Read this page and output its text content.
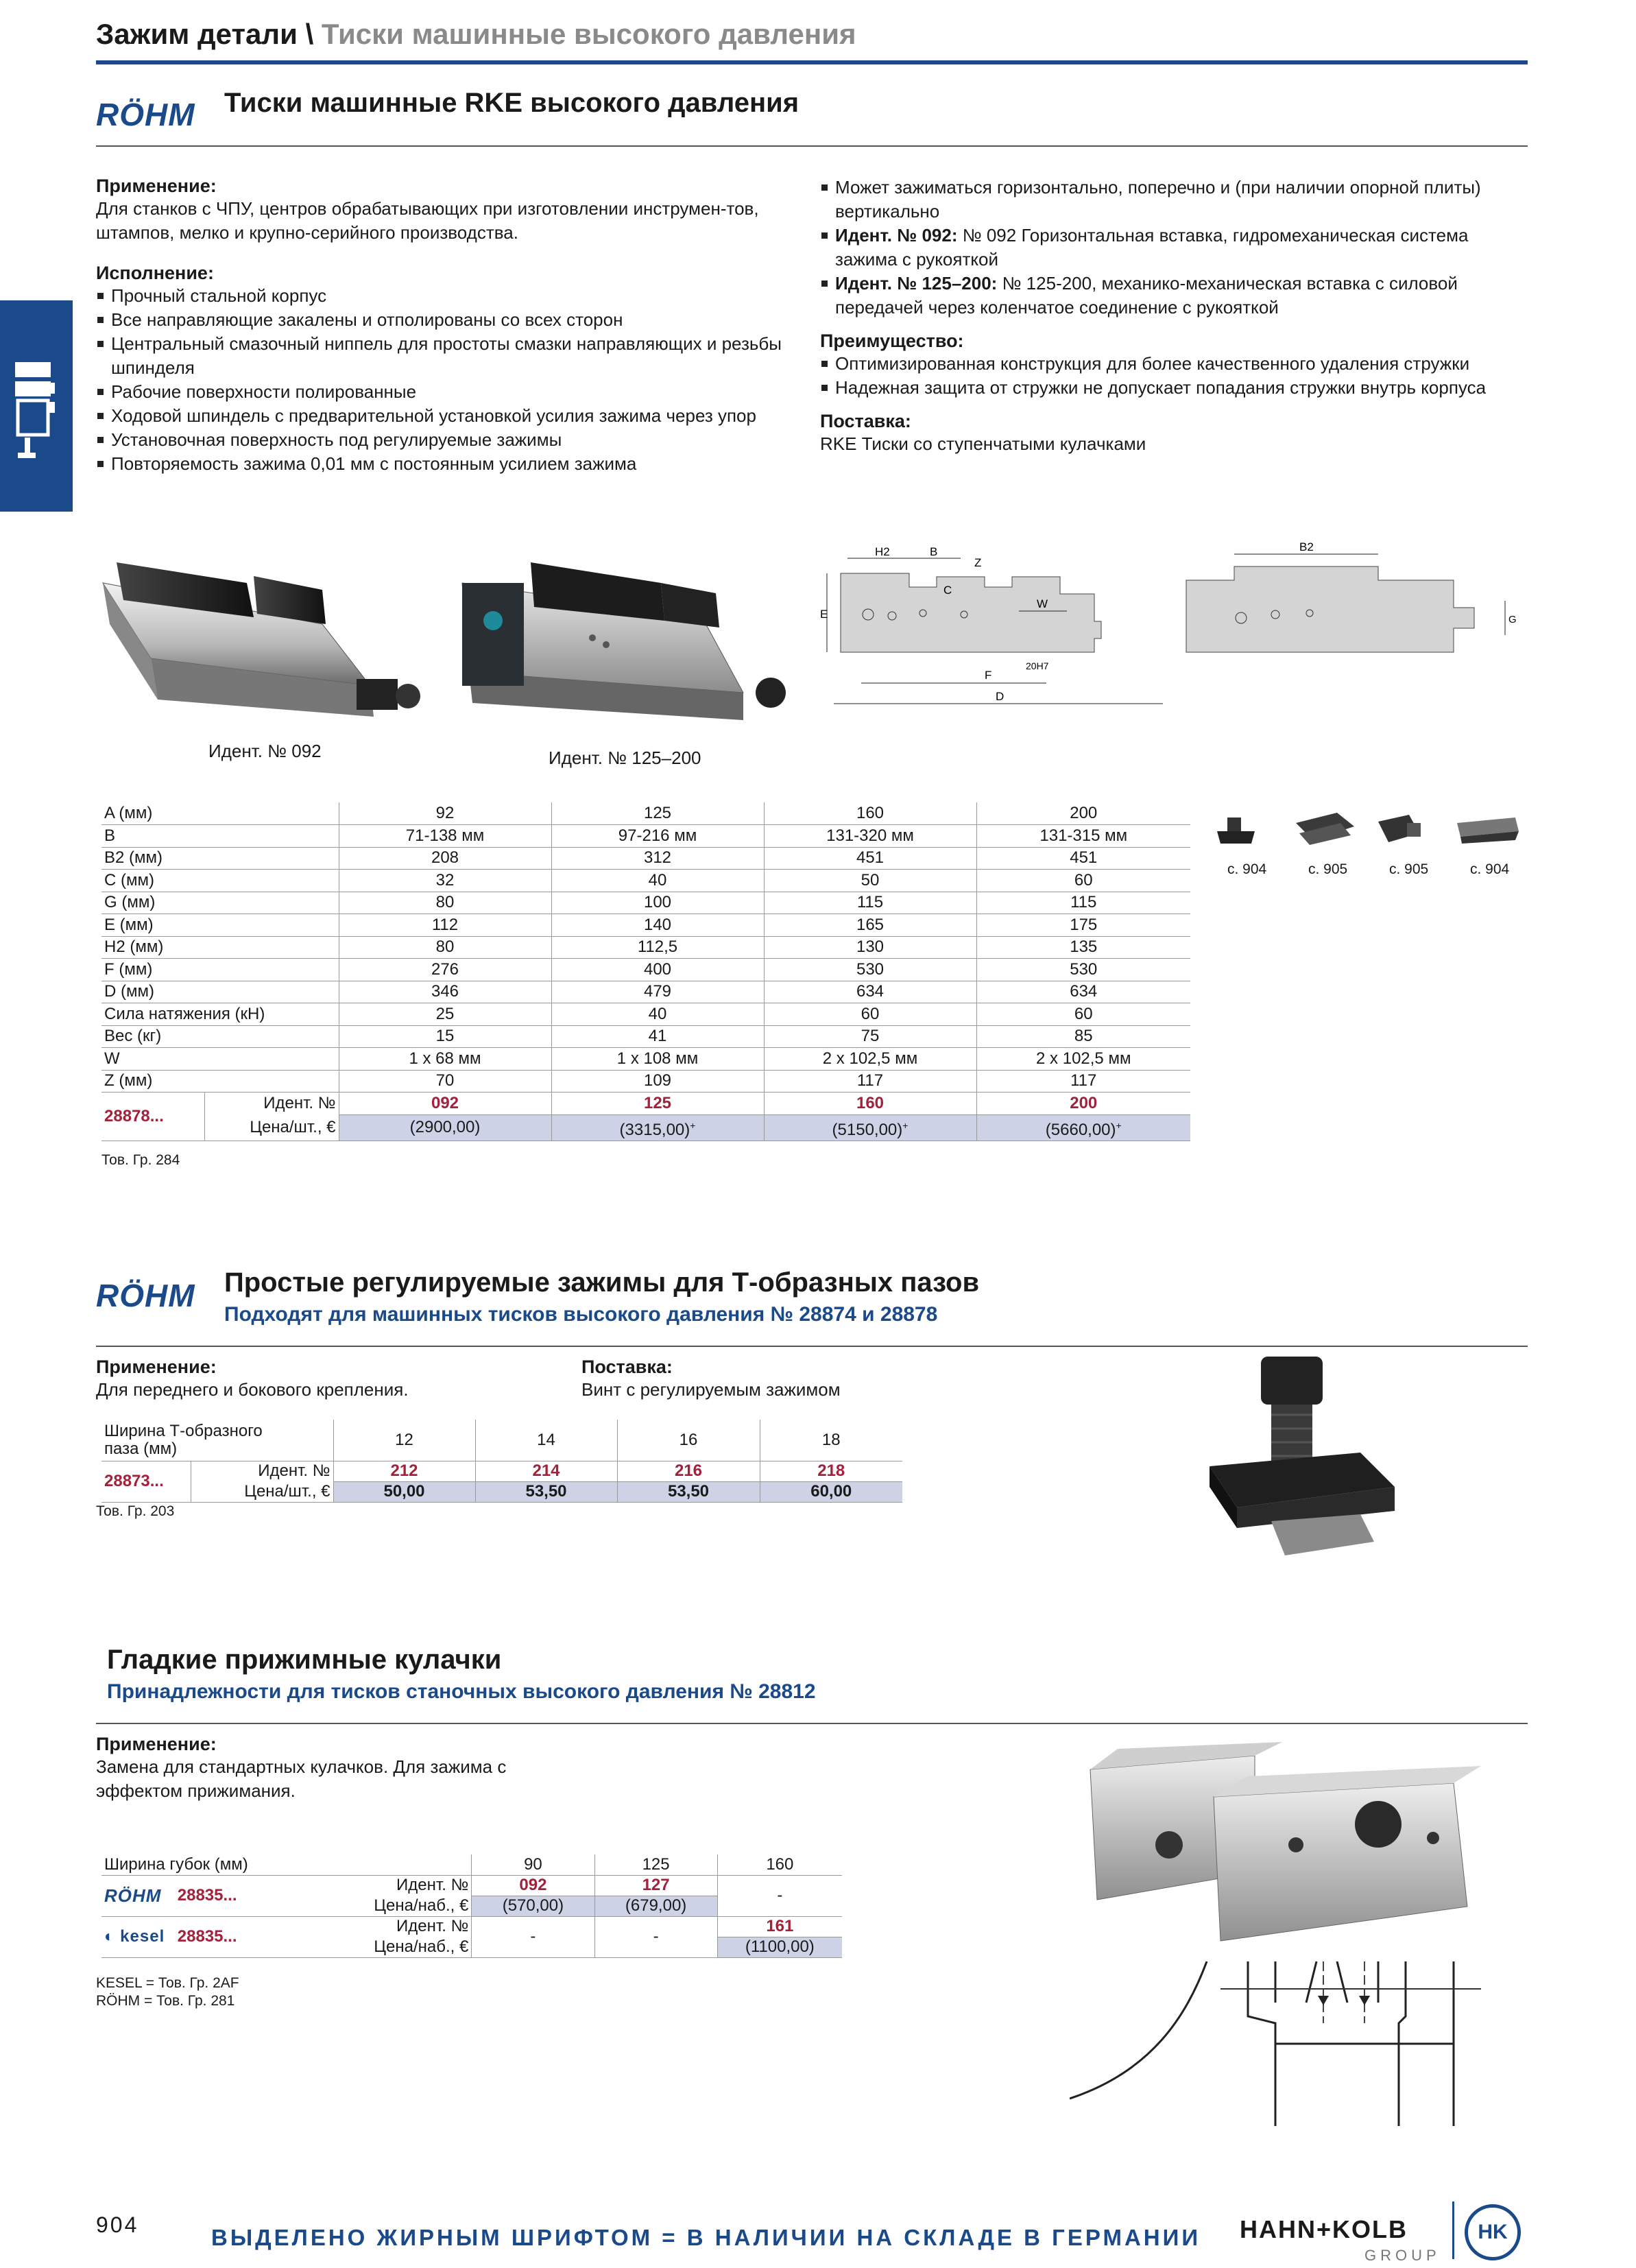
Зажим детали \ Тиски машинные высокого давления
RÖHM Тиски машинные RKE высокого давления
Применение:
Для станков с ЧПУ, центров обрабатывающих при изготовлении инструмен-тов, штампов, мелко и крупно-серийного производства.
Исполнение:
Прочный стальной корпус
Все направляющие закалены и отполированы со всех сторон
Центральный смазочный ниппель для простоты смазки направляющих и резьбы шпинделя
Рабочие поверхности полированные
Ходовой шпиндель с предварительной установкой усилия зажима через упор
Установочная поверхность под регулируемые зажимы
Повторяемость зажима 0,01 мм с постоянным усилием зажима
Может зажиматься горизонтально, поперечно и (при наличии опорной плиты) вертикально
Идент. № 092: № 092 Горизонтальная вставка, гидромеханическая система зажима с рукояткой
Идент. № 125–200: № 125-200, механико-механическая вставка с силовой передачей через коленчатое соединение с рукояткой
Преимущество:
Оптимизированная конструкция для более качественного удаления стружки
Надежная защита от стружки не допускает попадания стружки внутрь корпуса
Поставка:
RKE Тиски со ступенчатыми кулачками
Идент. № 092	Идент. № 125–200
H2	B
Z
C
E
W
F
D
20H7
B2
G
A (мм)		92	125	160	200
B		71-138 мм	97-216 мм	131-320 мм	131-315 мм
B2 (мм)		208	312	451	451
C (мм)		32	40	50	60
G (мм)		80	100	115	115
E (мм)		112	140	165	175
H2 (мм)		80	112,5	130	135
F (мм)		276	400	530	530
D (мм)		346	479	634	634
Сила натяжения (кН)		25	40	60	60
Вес (кг)		15	41	75	85
W		1 х 68 мм	1 х 108 мм	2 х 102,5 мм	2 х 102,5 мм
Z (мм)		70	109	117	117
28878...	Идент. №	092	125	160	200
	Цена/шт., €	(2900,00)	(3315,00)+	(5150,00)+	(5660,00)+
Тов. Гр. 284
с. 904	с. 905	с. 905	с. 904
RÖHM Простые регулируемые зажимы для Т-образных пазов
Подходят для машинных тисков высокого давления № 28874 и 28878
Применение:
Для переднего и бокового крепления.
Поставка:
Винт с регулируемым зажимом
Ширина Т-образного
паза (мм)		12	14	16	18
28873...	Идент. №	212	214	216	218
	Цена/шт., €	50,00	53,50	53,50	60,00
Тов. Гр. 203
Гладкие прижимные кулачки
Принадлежности для тисков станочных высокого давления № 28812
Применение:
Замена для стандартных кулачков. Для зажима с эффектом прижимания.
Ширина губок (мм)			90	125	160
RÖHM	28835...	Идент. №	092	127	-
		Цена/наб., €	(570,00)	(679,00)	
◐ kesel	28835...	Идент. №	-	-	161
		Цена/наб., €			(1100,00)
KESEL = Тов. Гр. 2AF
RÖHM = Тов. Гр. 281
904	ВЫДЕЛЕНО ЖИРНЫМ ШРИФТОМ = В НАЛИЧИИ НА СКЛАДЕ В ГЕРМАНИИ HAHN+KOLB
GROUP
HK
